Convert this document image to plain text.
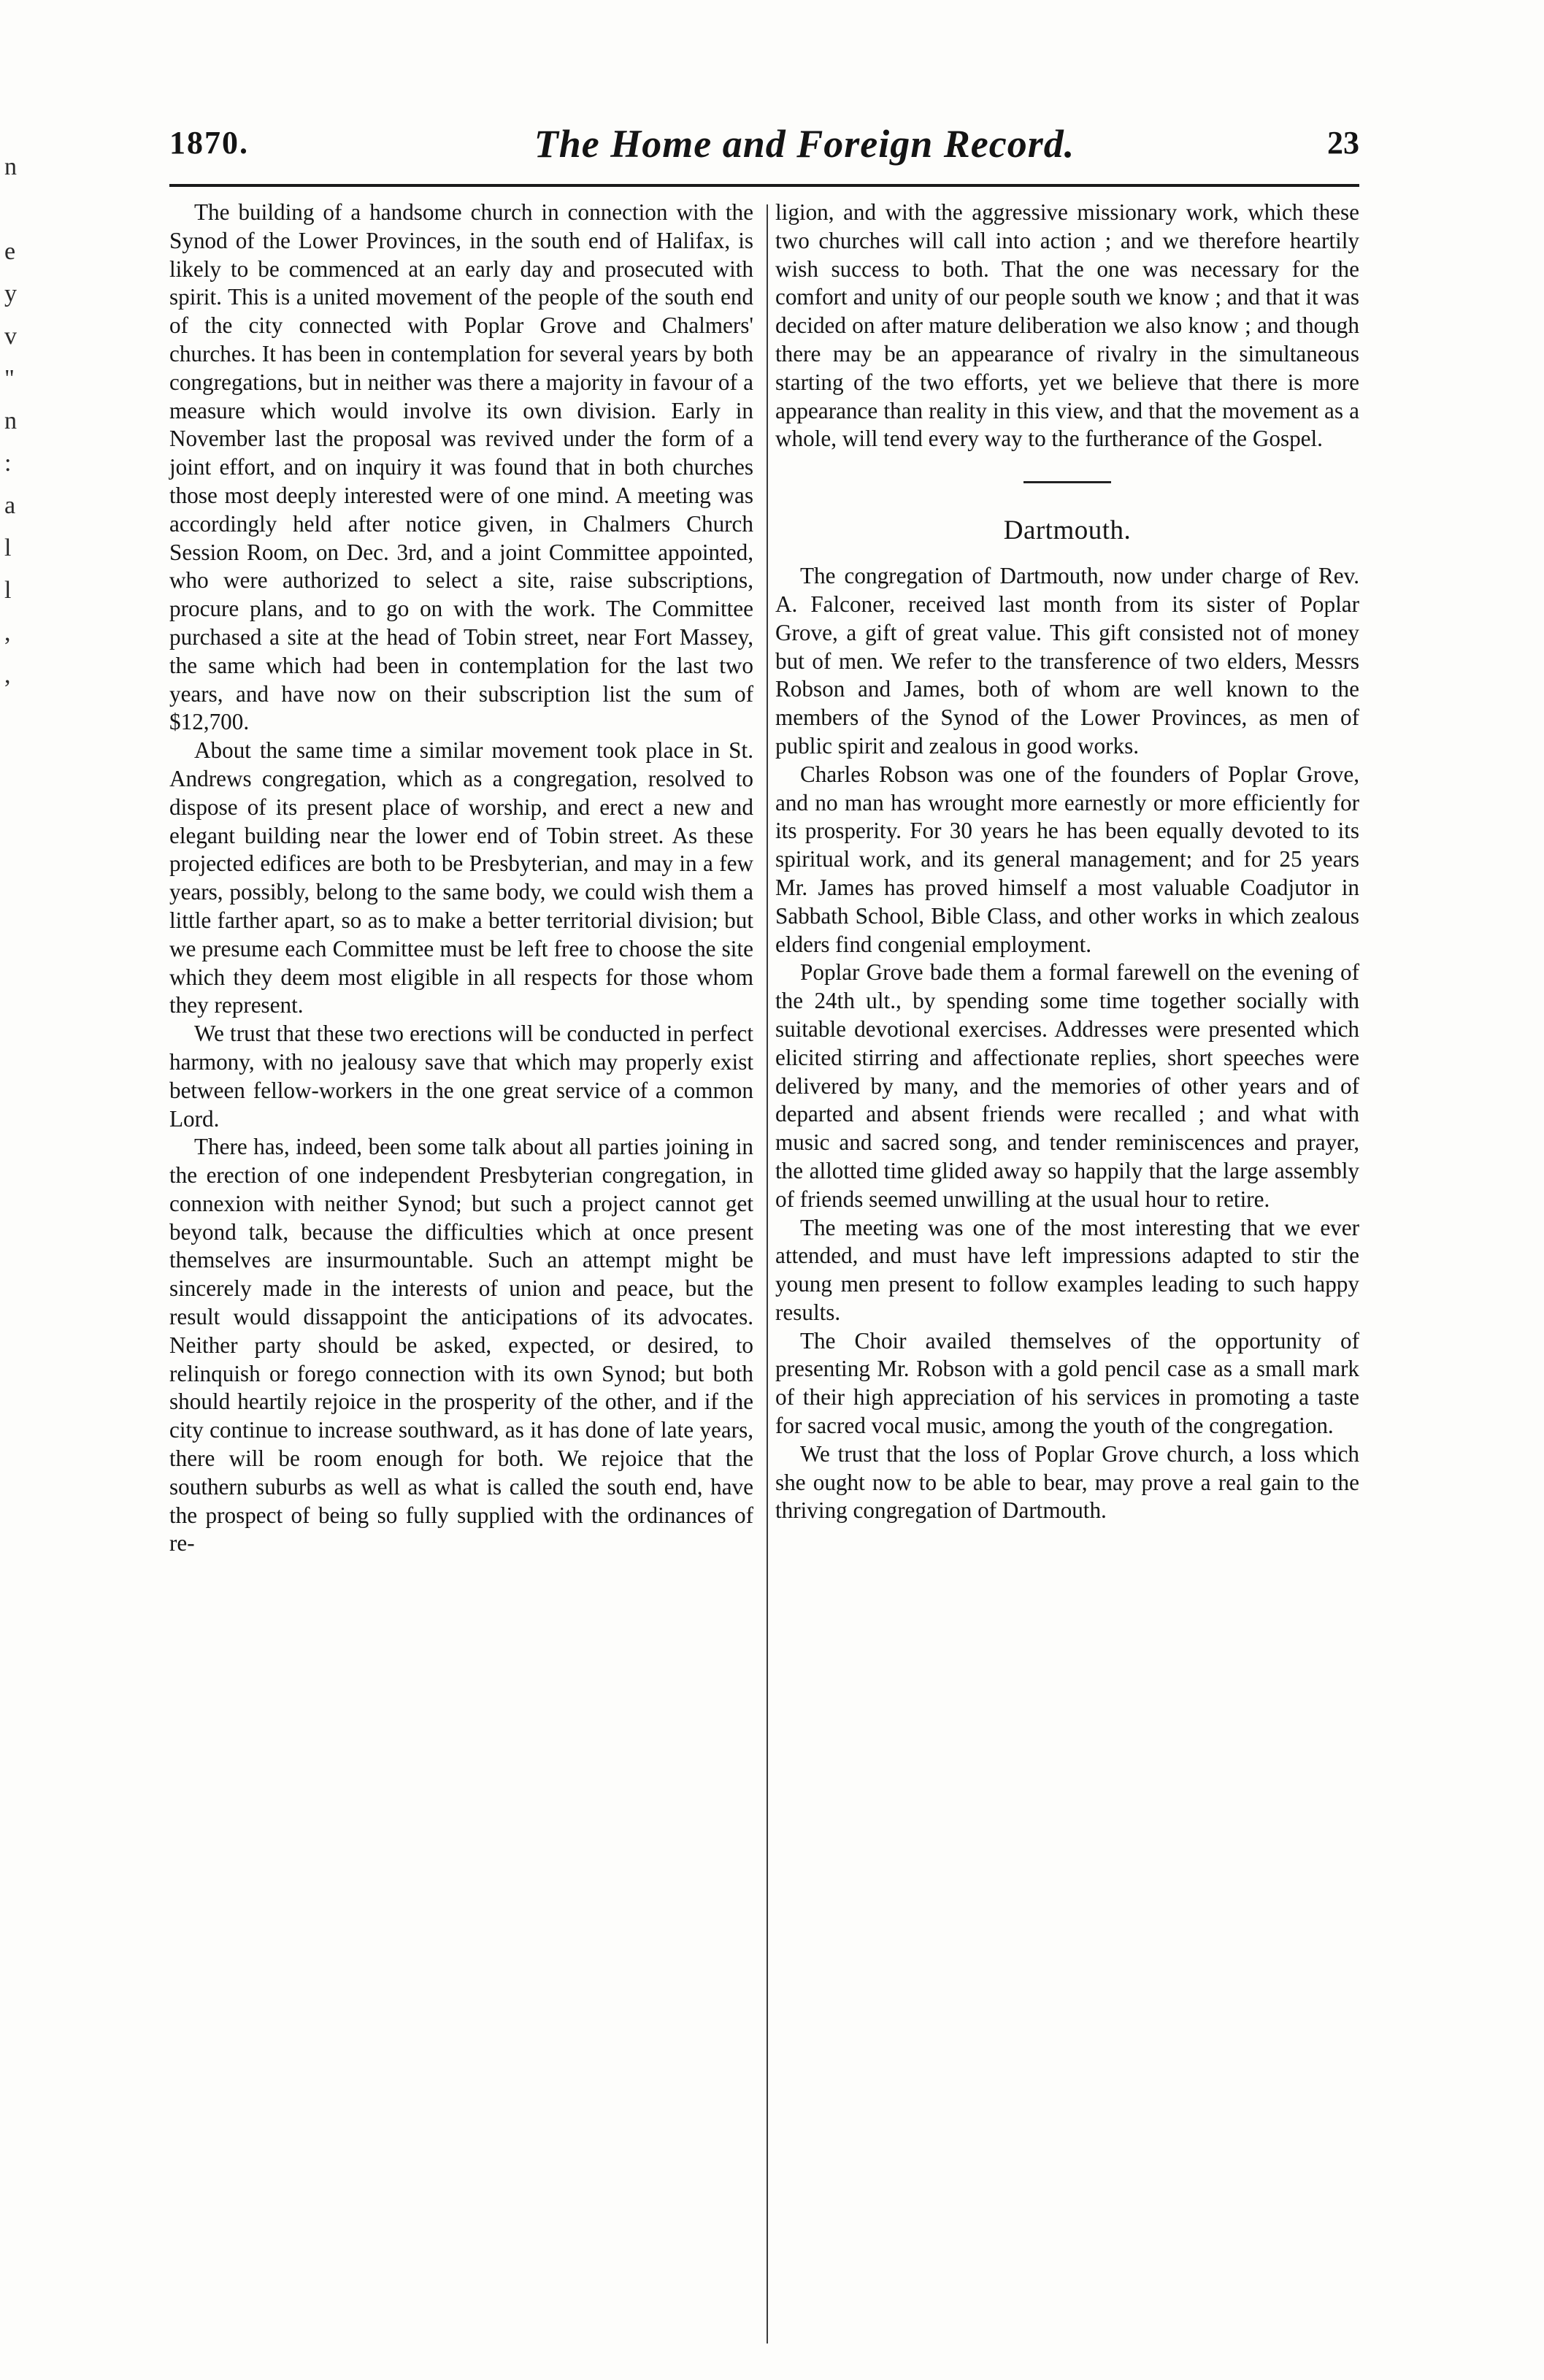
n
e
y
v
"
n
:
a
l
l
,
,
1870.	The Home and Foreign Record.	23

The building of a handsome church in connection with the Synod of the Lower Provinces, in the south end of Halifax, is likely to be commenced at an early day and prosecuted with spirit. This is a united movement of the people of the south end of the city connected with Poplar Grove and Chalmers' churches. It has been in contemplation for several years by both congregations, but in neither was there a majority in favour of a measure which would involve its own division. Early in November last the proposal was revived under the form of a joint effort, and on inquiry it was found that in both churches those most deeply interested were of one mind. A meeting was accordingly held after notice given, in Chalmers Church Session Room, on Dec. 3rd, and a joint Committee appointed, who were authorized to select a site, raise subscriptions, procure plans, and to go on with the work. The Committee purchased a site at the head of Tobin street, near Fort Massey, the same which had been in contemplation for the last two years, and have now on their subscription list the sum of $12,700.

About the same time a similar movement took place in St. Andrews congregation, which as a congregation, resolved to dispose of its present place of worship, and erect a new and elegant building near the lower end of Tobin street. As these projected edifices are both to be Presbyterian, and may in a few years, possibly, belong to the same body, we could wish them a little farther apart, so as to make a better territorial division; but we presume each Committee must be left free to choose the site which they deem most eligible in all respects for those whom they represent.

We trust that these two erections will be conducted in perfect harmony, with no jealousy save that which may properly exist between fellow-workers in the one great service of a common Lord.

There has, indeed, been some talk about all parties joining in the erection of one independent Presbyterian congregation, in connexion with neither Synod; but such a project cannot get beyond talk, because the difficulties which at once present themselves are insurmountable. Such an attempt might be sincerely made in the interests of union and peace, but the result would dissappoint the anticipations of its advocates. Neither party should be asked, expected, or desired, to relinquish or forego connection with its own Synod; but both should heartily rejoice in the prosperity of the other, and if the city continue to increase southward, as it has done of late years, there will be room enough for both. We rejoice that the southern suburbs as well as what is called the south end, have the prospect of being so fully supplied with the ordinances of re-

ligion, and with the aggressive missionary work, which these two churches will call into action ; and we therefore heartily wish success to both. That the one was necessary for the comfort and unity of our people south we know ; and that it was decided on after mature deliberation we also know ; and though there may be an appearance of rivalry in the simultaneous starting of the two efforts, yet we believe that there is more appearance than reality in this view, and that the movement as a whole, will tend every way to the furtherance of the Gospel.

Dartmouth.

The congregation of Dartmouth, now under charge of Rev. A. Falconer, received last month from its sister of Poplar Grove, a gift of great value. This gift consisted not of money but of men. We refer to the transference of two elders, Messrs Robson and James, both of whom are well known to the members of the Synod of the Lower Provinces, as men of public spirit and zealous in good works.

Charles Robson was one of the founders of Poplar Grove, and no man has wrought more earnestly or more efficiently for its prosperity. For 30 years he has been equally devoted to its spiritual work, and its general management; and for 25 years Mr. James has proved himself a most valuable Coadjutor in Sabbath School, Bible Class, and other works in which zealous elders find congenial employment.

Poplar Grove bade them a formal farewell on the evening of the 24th ult., by spending some time together socially with suitable devotional exercises. Addresses were presented which elicited stirring and affectionate replies, short speeches were delivered by many, and the memories of other years and of departed and absent friends were recalled ; and what with music and sacred song, and tender reminiscences and prayer, the allotted time glided away so happily that the large assembly of friends seemed unwilling at the usual hour to retire.

The meeting was one of the most interesting that we ever attended, and must have left impressions adapted to stir the young men present to follow examples leading to such happy results.

The Choir availed themselves of the opportunity of presenting Mr. Robson with a gold pencil case as a small mark of their high appreciation of his services in promoting a taste for sacred vocal music, among the youth of the congregation.

We trust that the loss of Poplar Grove church, a loss which she ought now to be able to bear, may prove a real gain to the thriving congregation of Dartmouth.
